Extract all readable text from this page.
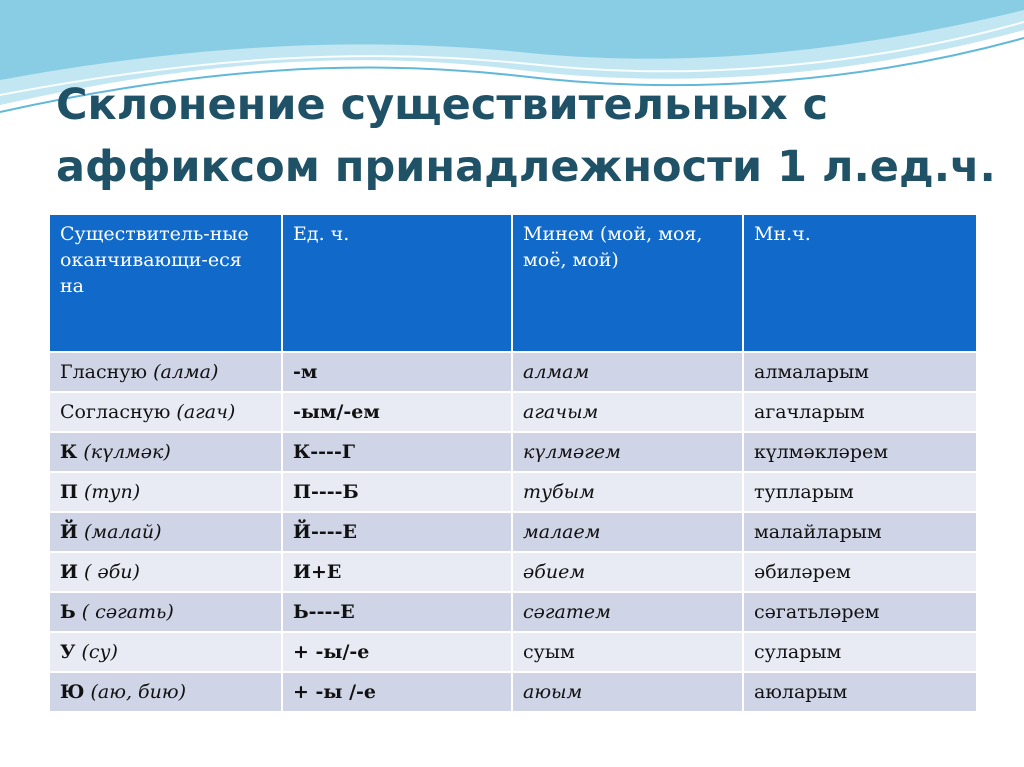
Склонение существительных с
аффиксом принадлежности 1 л.ед.ч.
Существитель-ные оканчивающи-еся на	Ед. ч.	Минем (мой, моя, моё, мой)	Мн.ч.
Гласную (алма)	-м	алмам	алмаларым
Согласную (агач)	-ым/-ем	агачым	агачларым
К (күлмәк)	К----Г	күлмәгем	күлмәкләрем
П (туп)	П----Б	тубым	тупларым
Й (малай)	Й----Е	малаем	малайларым
И ( әби)	И+Е	әбием	әбиләрем
Ь ( сәгать)	Ь----Е	сәгатем	сәгатьләрем
У (су)	+ -ы/-е	суым	суларым
Ю (аю, бию)	+ -ы /-е	аюым	аюларым
